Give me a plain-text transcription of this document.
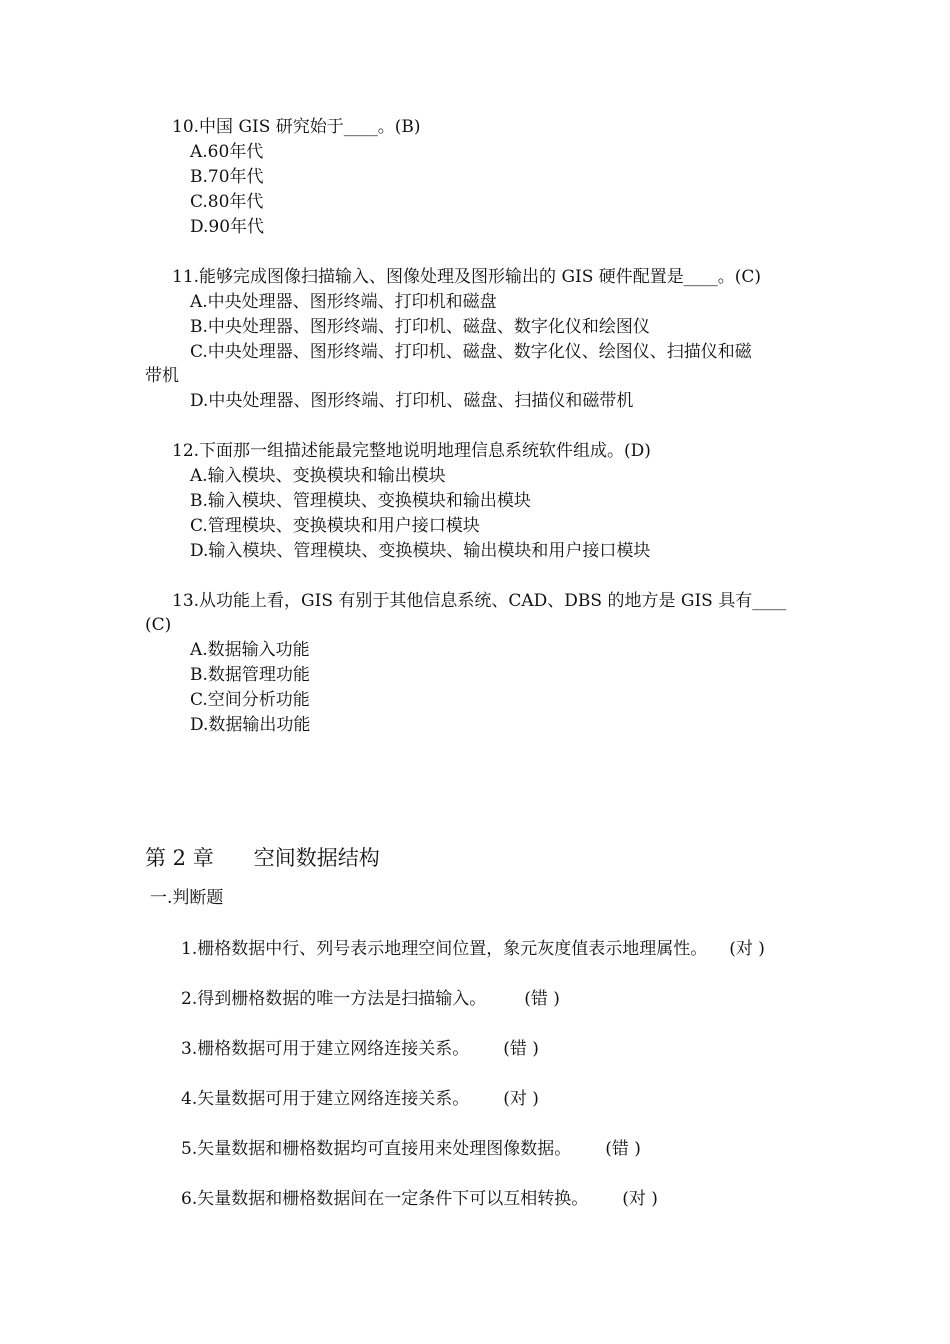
10.中国 GIS 研究始于____。(B)
A.60年代
B.70年代
C.80年代
D.90年代
11.能够完成图像扫描输入、图像处理及图形输出的 GIS 硬件配置是____。(C)
A.中央处理器、图形终端、打印机和磁盘
B.中央处理器、图形终端、打印机、磁盘、数字化仪和绘图仪
C.中央处理器、图形终端、打印机、磁盘、数字化仪、绘图仪、扫描仪和磁
带机
D.中央处理器、图形终端、打印机、磁盘、扫描仪和磁带机
12.下面那一组描述能最完整地说明地理信息系统软件组成。(D)
A.输入模块、变换模块和输出模块
B.输入模块、管理模块、变换模块和输出模块
C.管理模块、变换模块和用户接口模块
D.输入模块、管理模块、变换模块、输出模块和用户接口模块
13.从功能上看，GIS 有别于其他信息系统、CAD、DBS 的地方是 GIS 具有____
(C)
A.数据输入功能
B.数据管理功能
C.空间分析功能
D.数据输出功能
第 2 章      空间数据结构
一.判断题
1.栅格数据中行、列号表示地理空间位置，象元灰度值表示地理属性。 (对 )
2.得到栅格数据的唯一方法是扫描输入。 (错 )
3.栅格数据可用于建立网络连接关系。 (错 )
4.矢量数据可用于建立网络连接关系。 (对 )
5.矢量数据和栅格数据均可直接用来处理图像数据。 (错 )
6.矢量数据和栅格数据间在一定条件下可以互相转换。 (对 )
